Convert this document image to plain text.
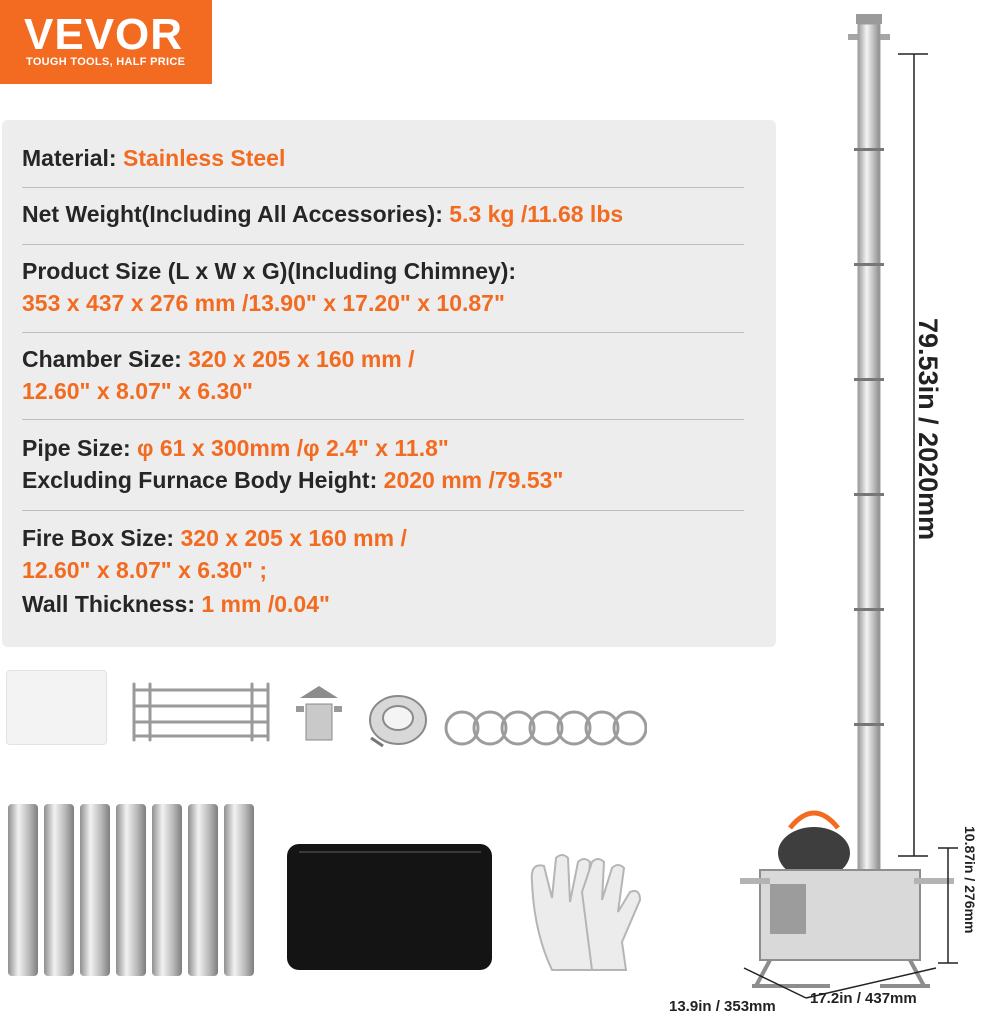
VEVOR
TOUGH TOOLS, HALF PRICE
Material: Stainless Steel
Net Weight(Including All Accessories): 5.3 kg /11.68 lbs
Product Size (L x W x G)(Including Chimney):
353 x 437 x 276 mm /13.90" x 17.20" x 10.87"
Chamber Size: 320 x 205 x 160 mm /
12.60" x 8.07" x 6.30"
Pipe Size: φ 61 x 300mm /φ 2.4" x 11.8"
Excluding Furnace Body Height: 2020 mm /79.53"
Fire Box Size: 320 x 205 x 160 mm /
12.60" x 8.07" x 6.30" ;
Wall Thickness: 1 mm /0.04"
79.53in / 2020mm
10.87in / 276mm
13.9in / 353mm 17.2in / 437mm
